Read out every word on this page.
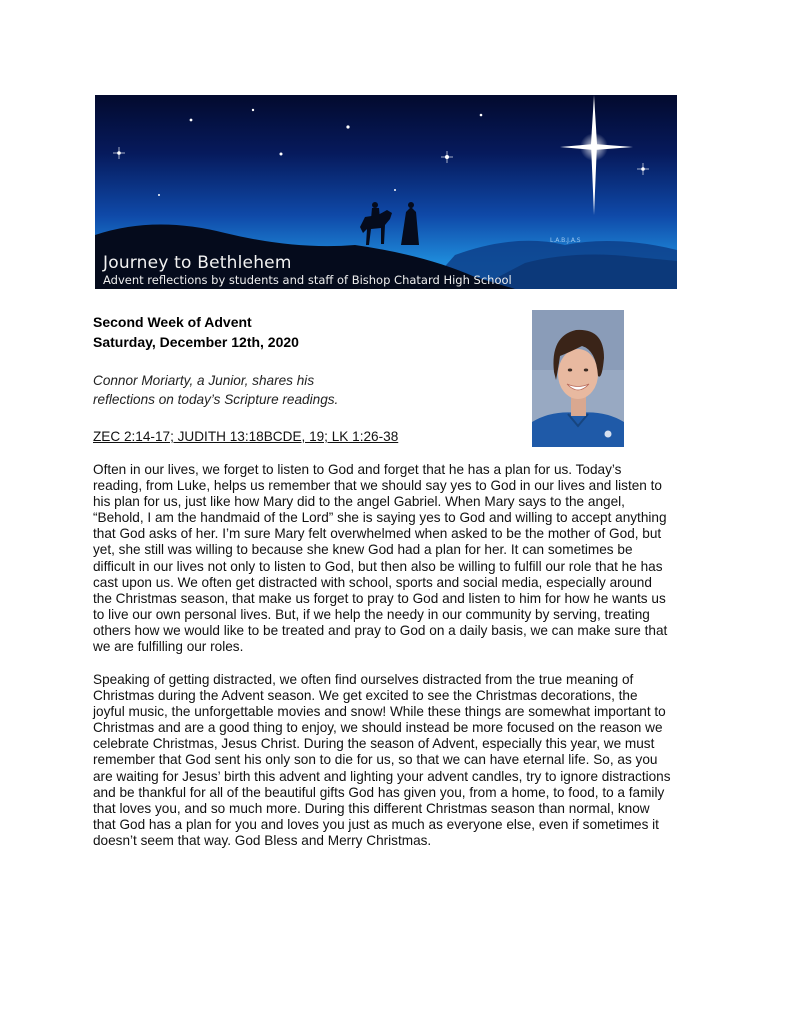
L.A.B.J.A.S
Journey to Bethlehem
Advent reflections by students and staff of Bishop Chatard High School
Second Week of Advent
Saturday, December 12th, 2020
Connor Moriarty, a Junior, shares his
reflections on today’s Scripture readings.
ZEC 2:14-17; JUDITH 13:18BCDE, 19; LK 1:26-38
Often in our lives, we forget to listen to God and forget that he has a plan for us. Today’s
reading, from Luke, helps us remember that we should say yes to God in our lives and listen to
his plan for us, just like how Mary did to the angel Gabriel. When Mary says to the angel,
“Behold, I am the handmaid of the Lord” she is saying yes to God and willing to accept anything
that God asks of her. I’m sure Mary felt overwhelmed when asked to be the mother of God, but
yet, she still was willing to because she knew God had a plan for her. It can sometimes be
difficult in our lives not only to listen to God, but then also be willing to fulfill our role that he has
cast upon us. We often get distracted with school, sports and social media, especially around
the Christmas season, that make us forget to pray to God and listen to him for how he wants us
to live our own personal lives. But, if we help the needy in our community by serving, treating
others how we would like to be treated and pray to God on a daily basis, we can make sure that
we are fulfilling our roles.
Speaking of getting distracted, we often find ourselves distracted from the true meaning of
Christmas during the Advent season. We get excited to see the Christmas decorations, the
joyful music, the unforgettable movies and snow! While these things are somewhat important to
Christmas and are a good thing to enjoy, we should instead be more focused on the reason we
celebrate Christmas, Jesus Christ. During the season of Advent, especially this year, we must
remember that God sent his only son to die for us, so that we can have eternal life. So, as you
are waiting for Jesus’ birth this advent and lighting your advent candles, try to ignore distractions
and be thankful for all of the beautiful gifts God has given you, from a home, to food, to a family
that loves you, and so much more. During this different Christmas season than normal, know
that God has a plan for you and loves you just as much as everyone else, even if sometimes it
doesn’t seem that way. God Bless and Merry Christmas.
